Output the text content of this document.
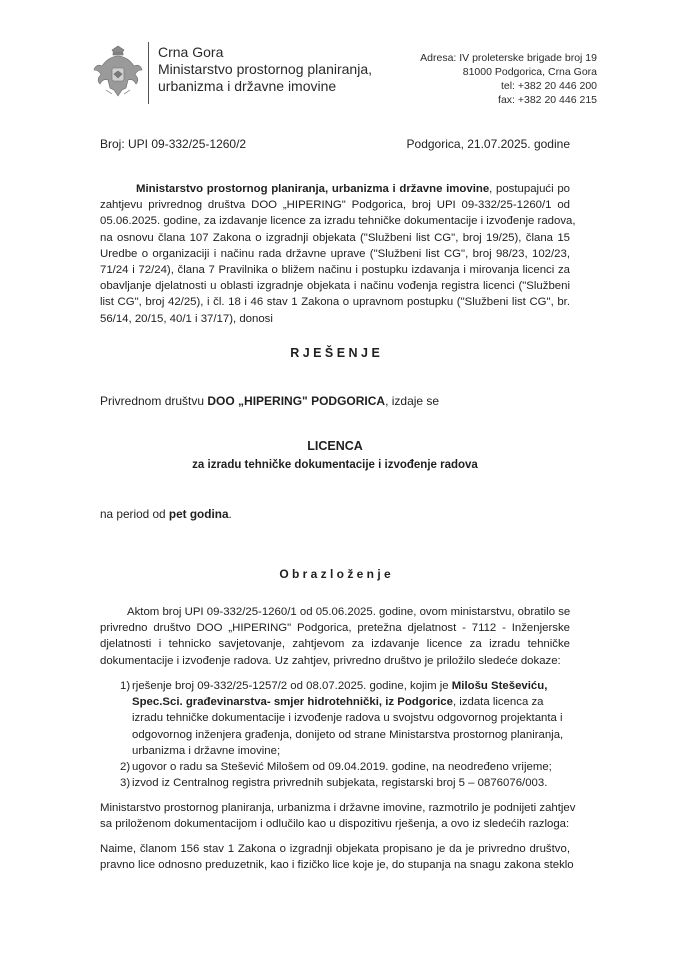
Crna Gora
Ministarstvo prostornog planiranja,
urbanizma i državne imovine
Adresa: IV proleterske brigade broj 19
81000 Podgorica, Crna Gora
tel: +382 20 446 200
fax: +382 20 446 215
Broj: UPI 09-332/25-1260/2	Podgorica, 21.07.2025. godine
Ministarstvo prostornog planiranja, urbanizma i državne imovine, postupajući po
zahtjevu privrednog društva DOO „HIPERING" Podgorica, broj UPI 09-332/25-1260/1 od
05.06.2025. godine, za izdavanje licence za izradu tehničke dokumentacije i izvođenje radova,
na osnovu člana 107 Zakona o izgradnji objekata ("Službeni list CG", broj 19/25), člana 15
Uredbe o organizaciji i načinu rada državne uprave ("Službeni list CG", broj 98/23, 102/23,
71/24 i 72/24), člana 7 Pravilnika o bližem načinu i postupku izdavanja i mirovanja licenci za
obavljanje djelatnosti u oblasti izgradnje objekata i načinu vođenja registra licenci ("Službeni
list CG", broj 42/25), i čl. 18 i 46 stav 1 Zakona o upravnom postupku ("Službeni list CG", br.
56/14, 20/15, 40/1 i 37/17), donosi
R J E Š E N J E
Privrednom društvu DOO „HIPERING" PODGORICA, izdaje se
LICENCA
za izradu tehničke dokumentacije i izvođenje radova
na period od pet godina.
O b r a z l o ž e n j e
Aktom broj UPI 09-332/25-1260/1 od 05.06.2025. godine, ovom ministarstvu, obratilo se
privredno društvo DOO „HIPERING" Podgorica, pretežna djelatnost - 7112 - Inženjerske
djelatnosti i tehnicko savjetovanje, zahtjevom za izdavanje licence za izradu tehničke
dokumentacije i izvođenje radova. Uz zahtjev, privredno društvo je priložilo sledeće dokaze:
1) rješenje broj 09-332/25-1257/2 od 08.07.2025. godine, kojim je Milošu Steševiću,
Spec.Sci. građevinarstva- smjer hidrotehnički, iz Podgorice, izdata licenca za
izradu tehničke dokumentacije i izvođenje radova u svojstvu odgovornog projektanta i
odgovornog inženjera građenja, donijeto od strane Ministarstva prostornog planiranja,
urbanizma i državne imovine;
2) ugovor o radu sa Stešević Milošem od 09.04.2019. godine, na neodređeno vrijeme;
3) izvod iz Centralnog registra privrednih subjekata, registarski broj 5 – 0876076/003.
Ministarstvo prostornog planiranja, urbanizma i državne imovine, razmotrilo je podnijeti zahtjev
sa priloženom dokumentacijom i odlučilo kao u dispozitivu rješenja, a ovo iz sledećih razloga:
Naime, članom 156 stav 1 Zakona o izgradnji objekata propisano je da je privredno društvo,
pravno lice odnosno preduzetnik, kao i fizičko lice koje je, do stupanja na snagu zakona steklo
